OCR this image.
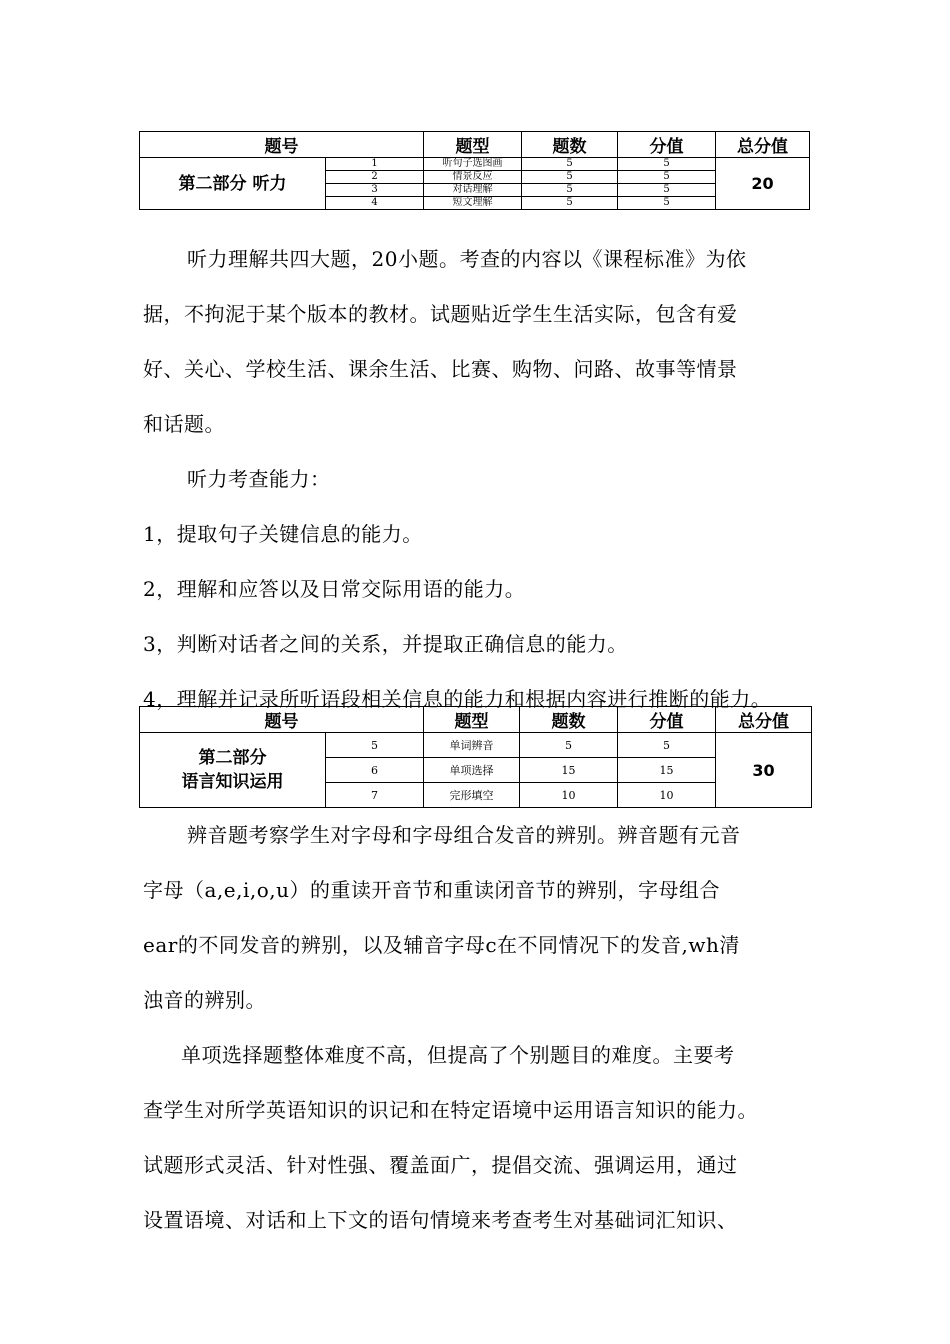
题号		题型	题数	分值	总分值
第二部分 听力	1	听句子选图画	5	5	20
	2	情景反应	5	5	
	3	对话理解	5	5	
	4	短文理解	5	5	
听力理解共四大题，20小题。考查的内容以《课程标准》为依
据，不拘泥于某个版本的教材。试题贴近学生生活实际，包含有爱
好、关心、学校生活、课余生活、比赛、购物、问路、故事等情景
和话题。
听力考查能力：
1，提取句子关键信息的能力。
2，理解和应答以及日常交际用语的能力。
3，判断对话者之间的关系，并提取正确信息的能力。
4，理解并记录所听语段相关信息的能力和根据内容进行推断的能力。
题号		题型	题数	分值	总分值

第二部分
语言知识运用	5	单词辨音	5	5	30
	6	单项选择	15	15	
	7	完形填空	10	10	
辨音题考察学生对字母和字母组合发音的辨别。辨音题有元音
字母（a,e,i,o,u）的重读开音节和重读闭音节的辨别，字母组合
ear的不同发音的辨别，以及辅音字母c在不同情况下的发音,wh清
浊音的辨别。
单项选择题整体难度不高，但提高了个别题目的难度。主要考
查学生对所学英语知识的识记和在特定语境中运用语言知识的能力。
试题形式灵活、针对性强、覆盖面广，提倡交流、强调运用，通过
设置语境、对话和上下文的语句情境来考查考生对基础词汇知识、
